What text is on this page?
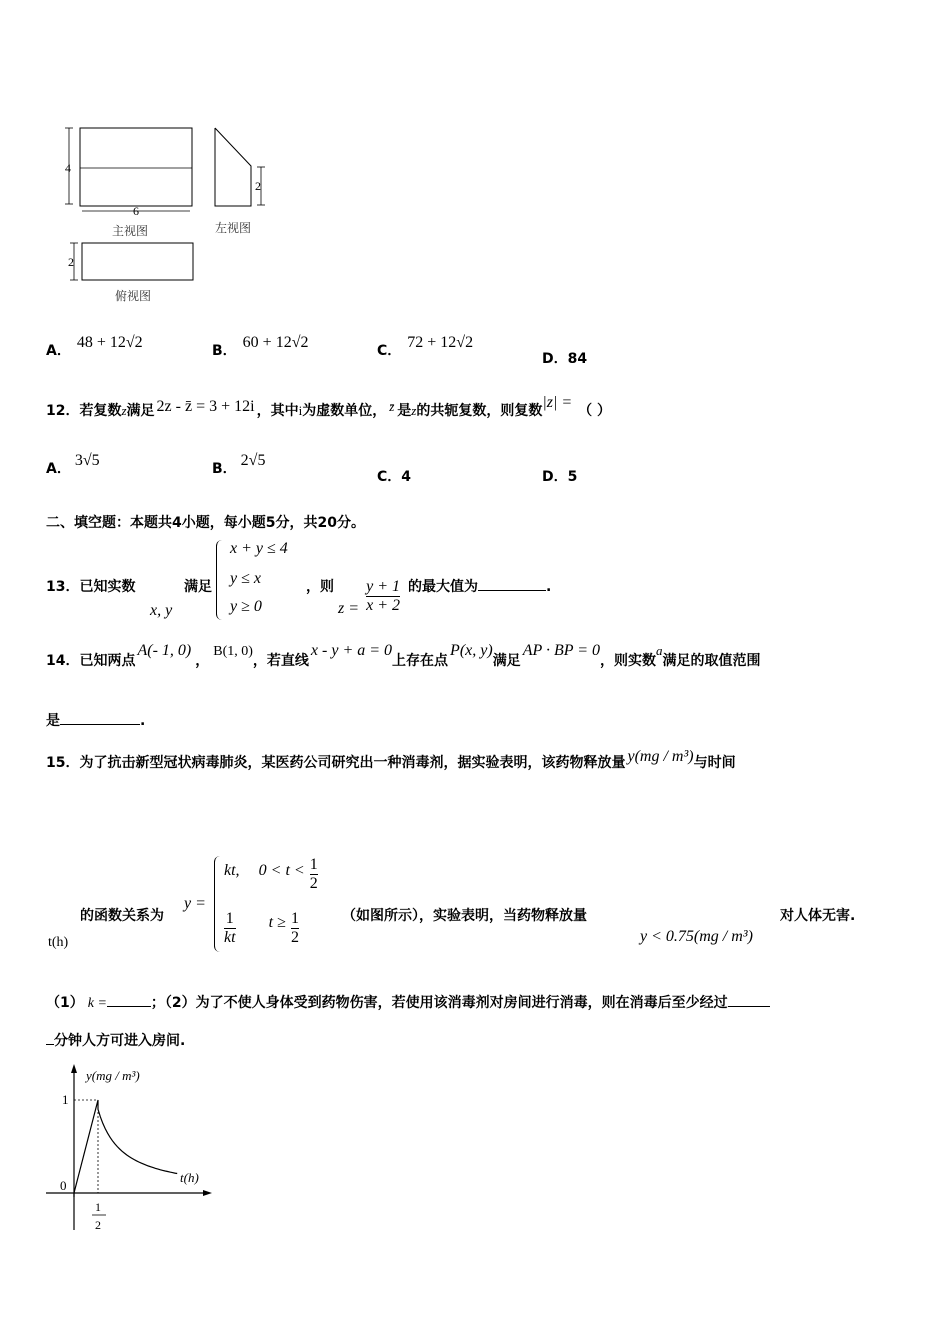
4
6
主视图
2
左视图
2
俯视图
A． 48 + 12√2	B． 60 + 12√2	C． 72 + 12√2
D．84
12．若复数z满足 2z - z̄ = 3 + 12i ，其中i为虚数单位， $^{z̄}$ 是z的共轭复数，则复数|z| = （ ）
A． 3√5	B． 2√5
C．4	D．5
二、填空题：本题共4小题，每小题5分，共20分。
13．已知实数
x, y
满足
x + y ≤ 4
y ≤ x
y ≥ 0
，则
$z = \frac{y + 1}{x + 2}$ 的最大值为	.
14．已知两点A(- 1, 0)，B(1, 0)，若直线x - y + a = 0上存在点P(x, y)满足AP · BP = 0，则实数$^a$满足的取值范围
是	.
15．为了抗击新型冠状病毒肺炎，某医药公司研究出一种消毒剂，据实验表明，该药物释放量 y(mg / m³)与时间
t(h)
的函数关系为
y =
kt, $0 < t < \frac{1}{2}$
$\frac{1}{kt}$ $t \ge \frac{1}{2}$	（如图所示），实验表明，当药物释放量
y < 0.75(mg / m³)
对人体无害.
（1） k =	；（2）为了不使人身体受到药物伤害，若使用该消毒剂对房间进行消毒，则在消毒后至少经过
分钟人方可进入房间.
y(mg / m³)
t(h)
0
1
1
2
